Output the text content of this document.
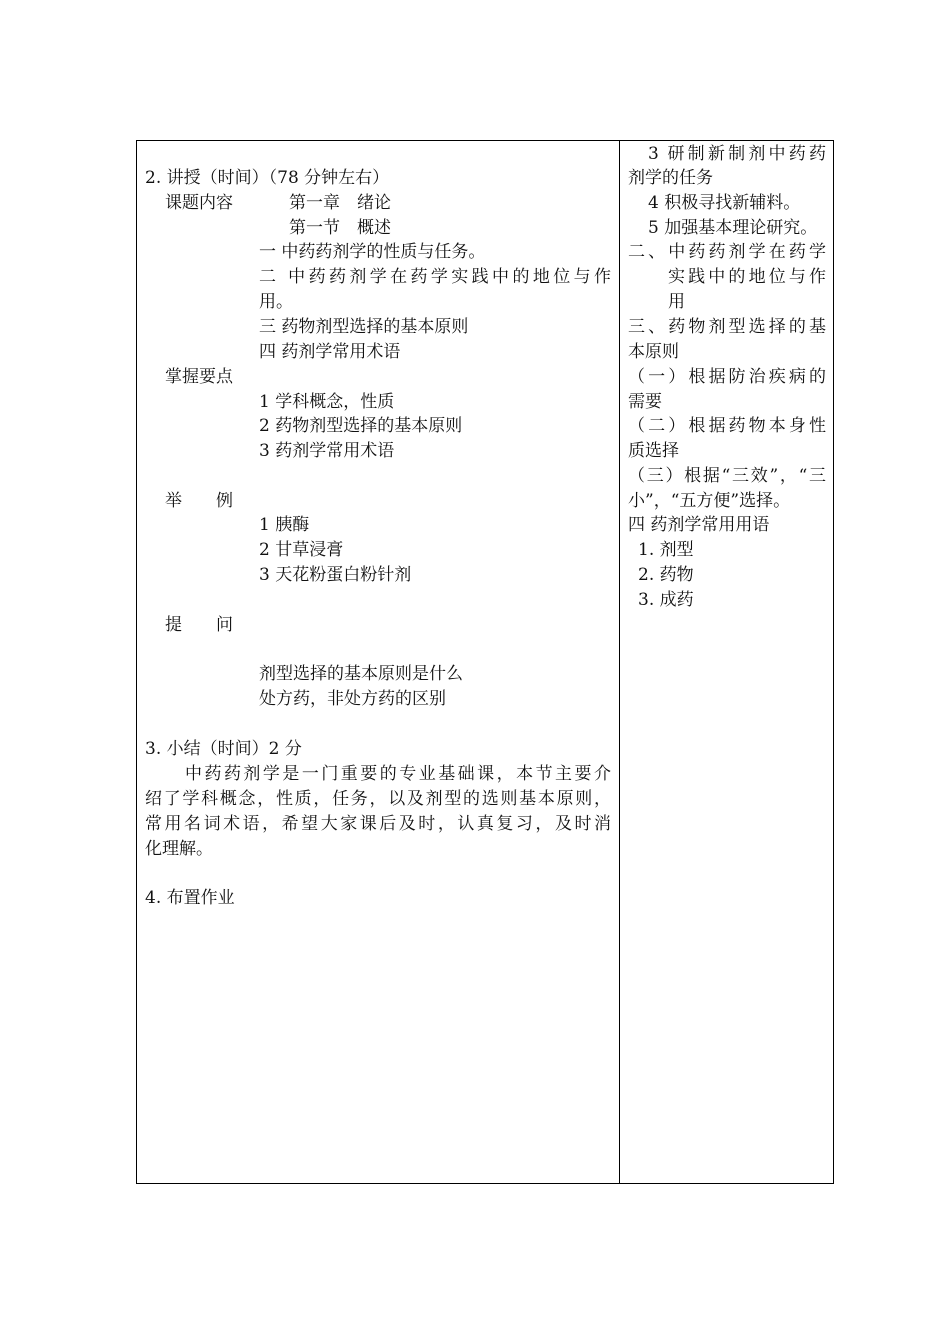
2. 讲授（时间）（78 分钟左右）
课题内容	第一章　绪论
第一节　概述
一 中药药剂学的性质与任务。
二 中药药剂学在药学实践中的地位与作
用。
三 药物剂型选择的基本原则
四 药剂学常用术语
掌握要点
1 学科概念，性质
2 药物剂型选择的基本原则
3 药剂学常用术语
举　　例
1 胰酶
2 甘草浸膏
3 天花粉蛋白粉针剂
提　　问
剂型选择的基本原则是什么
处方药，非处方药的区别
3. 小结（时间）2 分
中药药剂学是一门重要的专业基础课，本节主要介
绍了学科概念，性质，任务，以及剂型的选则基本原则，
常用名词术语，希望大家课后及时，认真复习，及时消
化理解。
4. 布置作业
3 研制新制剂中药药
剂学的任务
4 积极寻找新辅料。
5 加强基本理论研究。
二、中药药剂学在药学
实践中的地位与作
用
三、药物剂型选择的基
本原则
（一）根据防治疾病的
需要
（二）根据药物本身性
质选择
（三）根据“三效”，“三
小”，“五方便”选择。
四 药剂学常用用语
1. 剂型
2. 药物
3. 成药
